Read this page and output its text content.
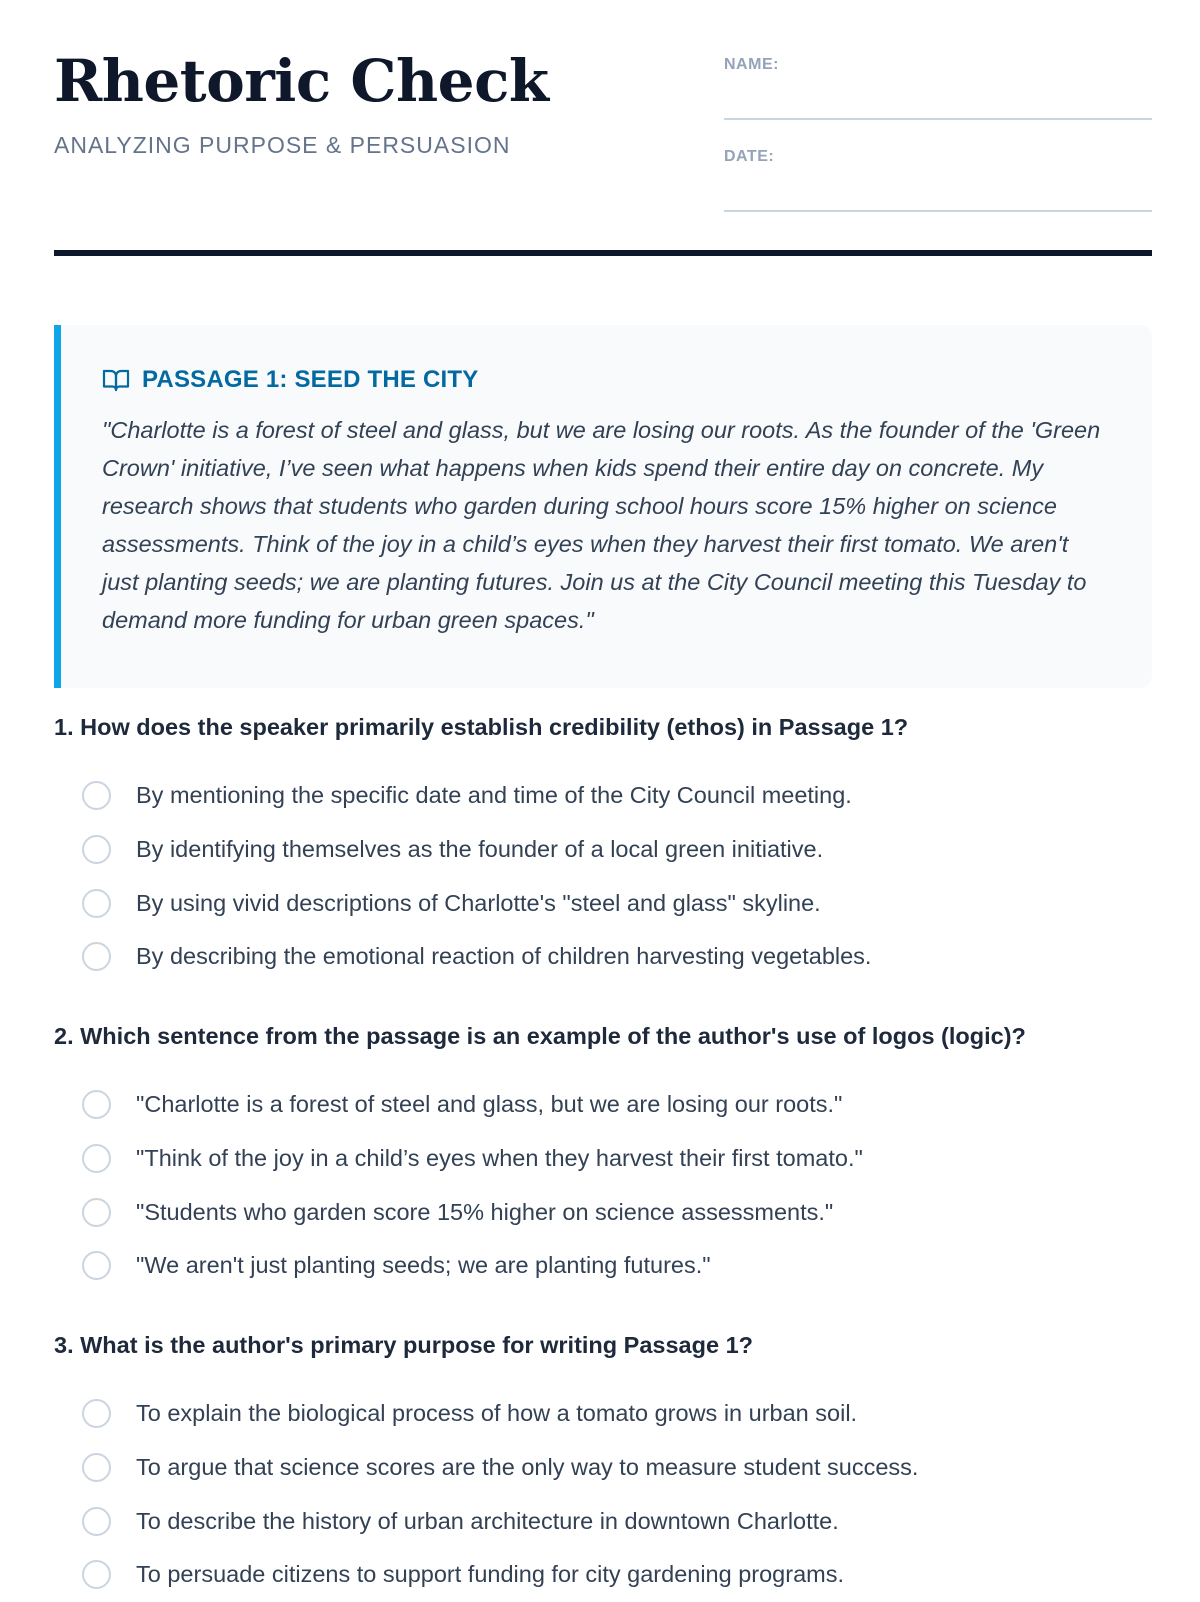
Rhetoric Check
ANALYZING PURPOSE & PERSUASION
NAME:
DATE:
PASSAGE 1: SEED THE CITY
"Charlotte is a forest of steel and glass, but we are losing our roots. As the founder of the 'Green Crown' initiative, I’ve seen what happens when kids spend their entire day on concrete. My research shows that students who garden during school hours score 15% higher on science assessments. Think of the joy in a child’s eyes when they harvest their first tomato. We aren't just planting seeds; we are planting futures. Join us at the City Council meeting this Tuesday to demand more funding for urban green spaces."
1. How does the speaker primarily establish credibility (ethos) in Passage 1?
By mentioning the specific date and time of the City Council meeting.
By identifying themselves as the founder of a local green initiative.
By using vivid descriptions of Charlotte's "steel and glass" skyline.
By describing the emotional reaction of children harvesting vegetables.
2. Which sentence from the passage is an example of the author's use of logos (logic)?
"Charlotte is a forest of steel and glass, but we are losing our roots."
"Think of the joy in a child’s eyes when they harvest their first tomato."
"Students who garden score 15% higher on science assessments."
"We aren't just planting seeds; we are planting futures."
3. What is the author's primary purpose for writing Passage 1?
To explain the biological process of how a tomato grows in urban soil.
To argue that science scores are the only way to measure student success.
To describe the history of urban architecture in downtown Charlotte.
To persuade citizens to support funding for city gardening programs.
